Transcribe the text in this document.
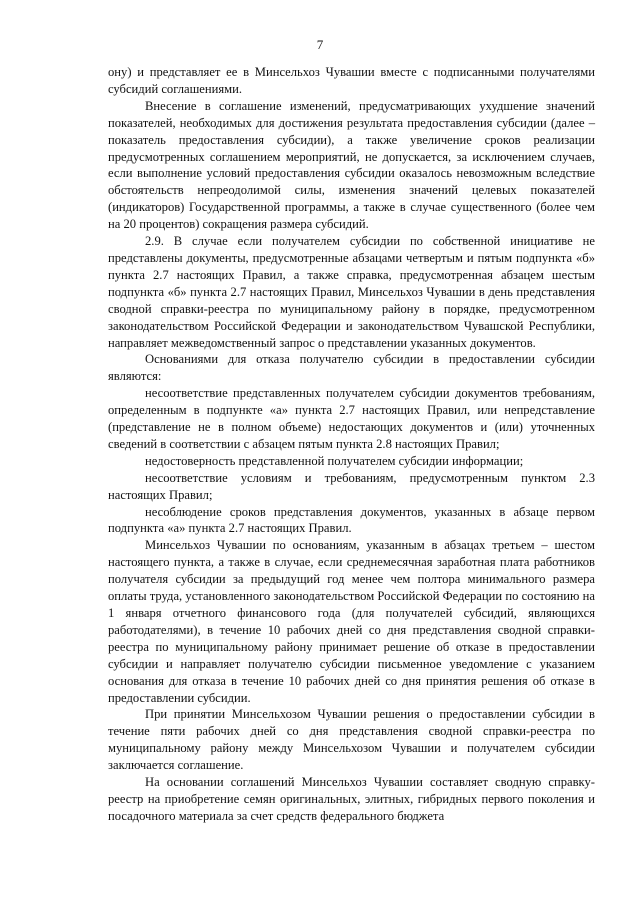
7

ону) и представляет ее в Минсельхоз Чувашии вместе с подписанными получателями субсидий соглашениями.

Внесение в соглашение изменений, предусматривающих ухудшение значений показателей, необходимых для достижения результата предоставления субсидии (далее – показатель предоставления субсидии), а также увеличение сроков реализации предусмотренных соглашением мероприятий, не допускается, за исключением случаев, если выполнение условий предоставления субсидии оказалось невозможным вследствие обстоятельств непреодолимой силы, изменения значений целевых показателей (индикаторов) Государственной программы, а также в случае существенного (более чем на 20 процентов) сокращения размера субсидий.

2.9. В случае если получателем субсидии по собственной инициативе не представлены документы, предусмотренные абзацами четвертым и пятым подпункта «б» пункта 2.7 настоящих Правил, а также справка, предусмотренная абзацем шестым подпункта «б» пункта 2.7 настоящих Правил, Минсельхоз Чувашии в день представления сводной справки-реестра по муниципальному району в порядке, предусмотренном законодательством Российской Федерации и законодательством Чувашской Республики, направляет межведомственный запрос о представлении указанных документов.

Основаниями для отказа получателю субсидии в предоставлении субсидии являются:

несоответствие представленных получателем субсидии документов требованиям, определенным в подпункте «а» пункта 2.7 настоящих Правил, или непредставление (представление не в полном объеме) недостающих документов и (или) уточненных сведений в соответствии с абзацем пятым пункта 2.8 настоящих Правил;

недостоверность представленной получателем субсидии информации;

несоответствие условиям и требованиям, предусмотренным пунктом 2.3 настоящих Правил;

несоблюдение сроков представления документов, указанных в абзаце первом подпункта «а» пункта 2.7 настоящих Правил.

Минсельхоз Чувашии по основаниям, указанным в абзацах третьем – шестом настоящего пункта, а также в случае, если среднемесячная заработная плата работников получателя субсидии за предыдущий год менее чем полтора минимального размера оплаты труда, установленного законодательством Российской Федерации по состоянию на 1 января отчетного финансового года (для получателей субсидий, являющихся работодателями), в течение 10 рабочих дней со дня представления сводной справки-реестра по муниципальному району принимает решение об отказе в предоставлении субсидии и направляет получателю субсидии письменное уведомление с указанием основания для отказа в течение 10 рабочих дней со дня принятия решения об отказе в предоставлении субсидии.

При принятии Минсельхозом Чувашии решения о предоставлении субсидии в течение пяти рабочих дней со дня представления сводной справки-реестра по муниципальному району между Минсельхозом Чувашии и получателем субсидии заключается соглашение.

На основании соглашений Минсельхоз Чувашии составляет сводную справку-реестр на приобретение семян оригинальных, элитных, гибридных первого поколения и посадочного материала за счет средств федерального бюджета
